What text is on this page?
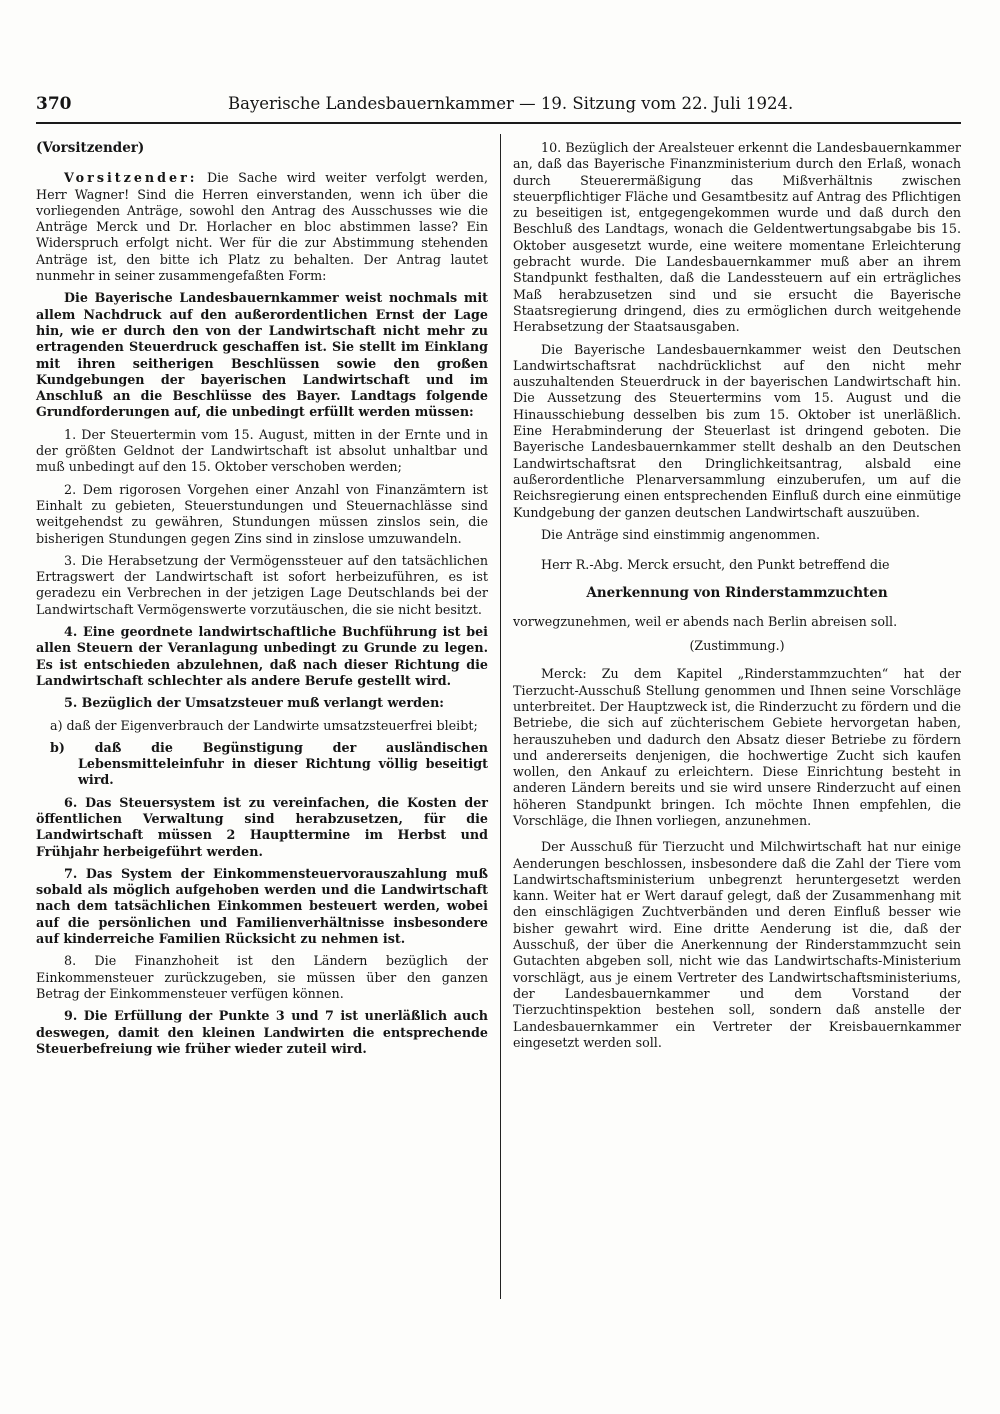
370	Bayerische Landesbauernkammer — 19. Sitzung vom 22. Juli 1924.
(Vorsitzender)

Vorsitzender: Die Sache wird weiter verfolgt werden, Herr Wagner! Sind die Herren einverstanden, wenn ich über die vorliegenden Anträge, sowohl den Antrag des Ausschusses wie die Anträge Merck und Dr. Horlacher en bloc abstimmen lasse? Ein Widerspruch erfolgt nicht. Wer für die zur Abstimmung stehenden Anträge ist, den bitte ich Platz zu behalten. Der Antrag lautet nunmehr in seiner zusammengefaßten Form:

Die Bayerische Landesbauernkammer weist nochmals mit allem Nachdruck auf den außerordentlichen Ernst der Lage hin, wie er durch den von der Landwirtschaft nicht mehr zu ertragenden Steuerdruck geschaffen ist. Sie stellt im Einklang mit ihren seitherigen Beschlüssen sowie den großen Kundgebungen der bayerischen Landwirtschaft und im Anschluß an die Beschlüsse des Bayer. Landtags folgende Grundforderungen auf, die unbedingt erfüllt werden müssen:

1. Der Steuertermin vom 15. August, mitten in der Ernte und in der größten Geldnot der Landwirtschaft ist absolut unhaltbar und muß unbedingt auf den 15. Oktober verschoben werden;

2. Dem rigorosen Vorgehen einer Anzahl von Finanzämtern ist Einhalt zu gebieten, Steuerstundungen und Steuernachlässe sind weitgehendst zu gewähren, Stundungen müssen zinslos sein, die bisherigen Stundungen gegen Zins sind in zinslose umzuwandeln.

3. Die Herabsetzung der Vermögenssteuer auf den tatsächlichen Ertragswert der Landwirtschaft ist sofort herbeizuführen, es ist geradezu ein Verbrechen in der jetzigen Lage Deutschlands bei der Landwirtschaft Vermögenswerte vorzutäuschen, die sie nicht besitzt.

4. Eine geordnete landwirtschaftliche Buchführung ist bei allen Steuern der Veranlagung unbedingt zu Grunde zu legen. Es ist entschieden abzulehnen, daß nach dieser Richtung die Landwirtschaft schlechter als andere Berufe gestellt wird.

5. Bezüglich der Umsatzsteuer muß verlangt werden:

a) daß der Eigenverbrauch der Landwirte umsatzsteuerfrei bleibt;

b) daß die Begünstigung der ausländischen Lebensmitteleinfuhr in dieser Richtung völlig beseitigt wird.

6. Das Steuersystem ist zu vereinfachen, die Kosten der öffentlichen Verwaltung sind herabzusetzen, für die Landwirtschaft müssen 2 Haupttermine im Herbst und Frühjahr herbeigeführt werden.

7. Das System der Einkommensteuervorauszahlung muß sobald als möglich aufgehoben werden und die Landwirtschaft nach dem tatsächlichen Einkommen besteuert werden, wobei auf die persönlichen und Familienverhältnisse insbesondere auf kinderreiche Familien Rücksicht zu nehmen ist.

8. Die Finanzhoheit ist den Ländern bezüglich der Einkommensteuer zurückzugeben, sie müssen über den ganzen Betrag der Einkommensteuer verfügen können.

9. Die Erfüllung der Punkte 3 und 7 ist unerläßlich auch deswegen, damit den kleinen Landwirten die entsprechende Steuerbefreiung wie früher wieder zuteil wird.

10. Bezüglich der Arealsteuer erkennt die Landesbauernkammer an, daß das Bayerische Finanzministerium durch den Erlaß, wonach durch Steuerermäßigung das Mißverhältnis zwischen steuerpflichtiger Fläche und Gesamtbesitz auf Antrag des Pflichtigen zu beseitigen ist, entgegengekommen wurde und daß durch den Beschluß des Landtags, wonach die Geldentwertungsabgabe bis 15. Oktober ausgesetzt wurde, eine weitere momentane Erleichterung gebracht wurde. Die Landesbauernkammer muß aber an ihrem Standpunkt festhalten, daß die Landessteuern auf ein erträgliches Maß herabzusetzen sind und sie ersucht die Bayerische Staatsregierung dringend, dies zu ermöglichen durch weitgehende Herabsetzung der Staatsausgaben.

Die Bayerische Landesbauernkammer weist den Deutschen Landwirtschaftsrat nachdrücklichst auf den nicht mehr auszuhaltenden Steuerdruck in der bayerischen Landwirtschaft hin. Die Aussetzung des Steuertermins vom 15. August und die Hinausschiebung desselben bis zum 15. Oktober ist unerläßlich. Eine Herabminderung der Steuerlast ist dringend geboten. Die Bayerische Landesbauernkammer stellt deshalb an den Deutschen Landwirtschaftsrat den Dringlichkeitsantrag, alsbald eine außerordentliche Plenarversammlung einzuberufen, um auf die Reichsregierung einen entsprechenden Einfluß durch eine einmütige Kundgebung der ganzen deutschen Landwirtschaft auszuüben.

Die Anträge sind einstimmig angenommen.

Herr R.-Abg. Merck ersucht, den Punkt betreffend die

Anerkennung von Rinderstammzuchten

vorwegzunehmen, weil er abends nach Berlin abreisen soll.

(Zustimmung.)

Merck: Zu dem Kapitel „Rinderstammzuchten“ hat der Tierzucht-Ausschuß Stellung genommen und Ihnen seine Vorschläge unterbreitet. Der Hauptzweck ist, die Rinderzucht zu fördern und die Betriebe, die sich auf züchterischem Gebiete hervorgetan haben, herauszuheben und dadurch den Absatz dieser Betriebe zu fördern und andererseits denjenigen, die hochwertige Zucht sich kaufen wollen, den Ankauf zu erleichtern. Diese Einrichtung besteht in anderen Ländern bereits und sie wird unsere Rinderzucht auf einen höheren Standpunkt bringen. Ich möchte Ihnen empfehlen, die Vorschläge, die Ihnen vorliegen, anzunehmen.

Der Ausschuß für Tierzucht und Milchwirtschaft hat nur einige Aenderungen beschlossen, insbesondere daß die Zahl der Tiere vom Landwirtschaftsministerium unbegrenzt heruntergesetzt werden kann. Weiter hat er Wert darauf gelegt, daß der Zusammenhang mit den einschlägigen Zuchtverbänden und deren Einfluß besser wie bisher gewahrt wird. Eine dritte Aenderung ist die, daß der Ausschuß, der über die Anerkennung der Rinderstammzucht sein Gutachten abgeben soll, nicht wie das Landwirtschafts-Ministerium vorschlägt, aus je einem Vertreter des Landwirtschaftsministeriums, der Landesbauernkammer und dem Vorstand der Tierzuchtinspektion bestehen soll, sondern daß anstelle der Landesbauernkammer ein Vertreter der Kreisbauernkammer eingesetzt werden soll.
